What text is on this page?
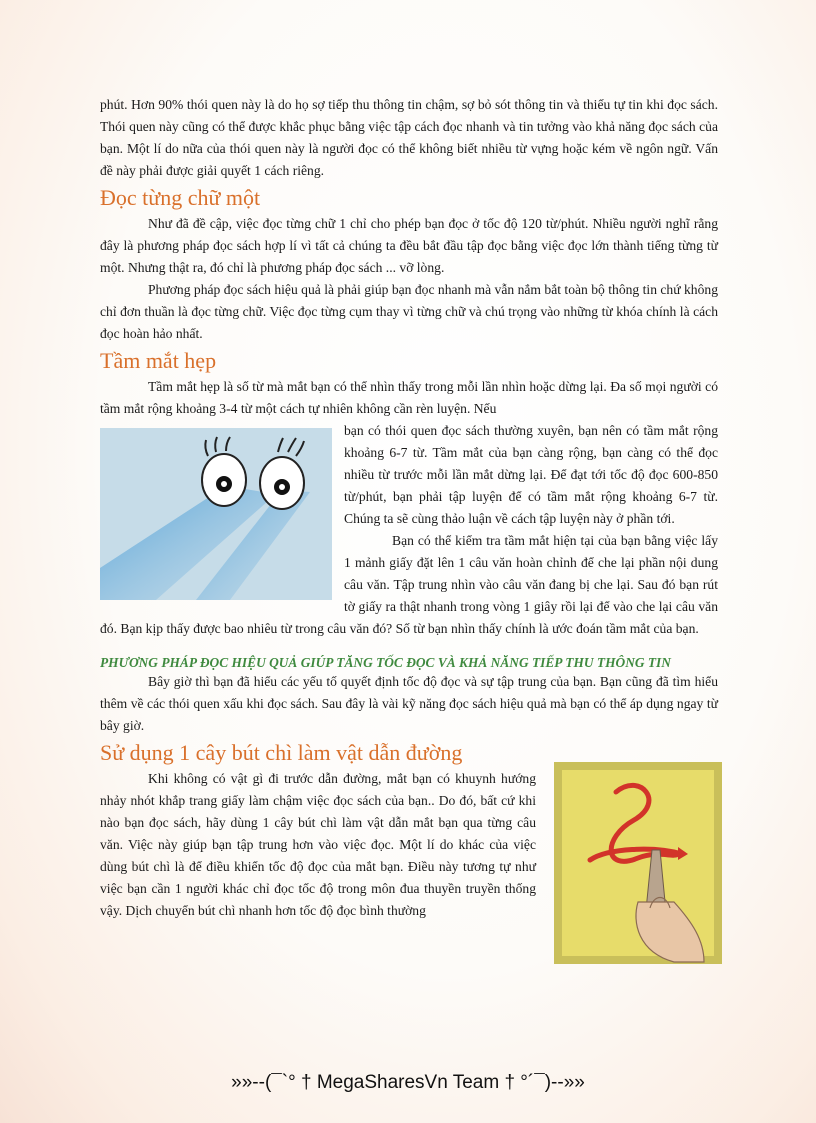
phút. Hơn 90% thói quen này là do họ sợ tiếp thu thông tin chậm, sợ bỏ sót thông tin và thiếu tự tin khi đọc sách. Thói quen này cũng có thể được khắc phục bằng việc tập cách đọc nhanh và tin tưởng vào khả năng đọc sách của bạn. Một lí do nữa của thói quen này là người đọc có thể không biết nhiều từ vựng hoặc kém về ngôn ngữ. Vấn đề này phải được giải quyết 1 cách riêng.

Đọc từng chữ một

Như đã đề cập, việc đọc từng chữ 1 chỉ cho phép bạn đọc ở tốc độ 120 từ/phút. Nhiều người nghĩ rằng đây là phương pháp đọc sách hợp lí vì tất cả chúng ta đều bắt đầu tập đọc bằng việc đọc lớn thành tiếng từng từ một. Nhưng thật ra, đó chỉ là phương pháp đọc sách ... vỡ lòng.

Phương pháp đọc sách hiệu quả là phải giúp bạn đọc nhanh mà vẫn nắm bắt toàn bộ thông tin chứ không chỉ đơn thuần là đọc từng chữ. Việc đọc từng cụm thay vì từng chữ và chú trọng vào những từ khóa chính là cách đọc hoàn hảo nhất.

Tầm mắt hẹp

Tầm mắt hẹp là số từ mà mắt bạn có thể nhìn thấy trong mỗi lần nhìn hoặc dừng lại. Đa số mọi người có tầm mắt rộng khoảng 3-4 từ một cách tự nhiên không cần rèn luyện. Nếu

bạn có thói quen đọc sách thường xuyên, bạn nên có tầm mắt rộng khoảng 6-7 từ. Tầm mắt của bạn càng rộng, bạn càng có thể đọc nhiều từ trước mỗi lần mắt dừng lại. Để đạt tới tốc độ đọc 600-850 từ/phút, bạn phải tập luyện để có tầm mắt rộng khoảng 6-7 từ. Chúng ta sẽ cùng thảo luận về cách tập luyện này ở phần tới.

Bạn có thể kiểm tra tầm mắt hiện tại của bạn bằng việc lấy 1 mảnh giấy đặt lên 1 câu văn hoàn chỉnh để che lại phần nội dung câu văn. Tập trung nhìn vào câu văn đang bị che lại. Sau đó bạn rút tờ giấy ra thật nhanh trong vòng 1 giây rồi lại để vào che lại câu văn đó. Bạn kịp thấy được bao nhiêu từ trong câu văn đó? Số từ bạn nhìn thấy chính là ước đoán tầm mắt của bạn.

PHƯƠNG PHÁP ĐỌC HIỆU QUẢ GIÚP TĂNG TỐC ĐỌC VÀ KHẢ NĂNG TIẾP THU THÔNG TIN

Bây giờ thì bạn đã hiểu các yếu tố quyết định tốc độ đọc và sự tập trung của bạn. Bạn cũng đã tìm hiểu thêm về các thói quen xấu khi đọc sách. Sau đây là vài kỹ năng đọc sách hiệu quả mà bạn có thể áp dụng ngay từ bây giờ.

Sử dụng 1 cây bút chì làm vật dẫn đường

Khi không có vật gì đi trước dẫn đường, mắt bạn có khuynh hướng nhảy nhót khắp trang giấy làm chậm việc đọc sách của bạn.. Do đó, bất cứ khi nào bạn đọc sách, hãy dùng 1 cây bút chì làm vật dẫn mắt bạn qua từng câu văn. Việc này giúp bạn tập trung hơn vào việc đọc. Một lí do khác của việc dùng bút chì là để điều khiển tốc độ đọc của mắt bạn. Điều này tương tự như việc bạn cần 1 người khác chỉ đọc tốc độ trong môn đua thuyền truyền thống vậy. Dịch chuyển bút chì nhanh hơn tốc độ đọc bình thường

»»--(¯`° † MegaSharesVn Team † °´¯)--»»
